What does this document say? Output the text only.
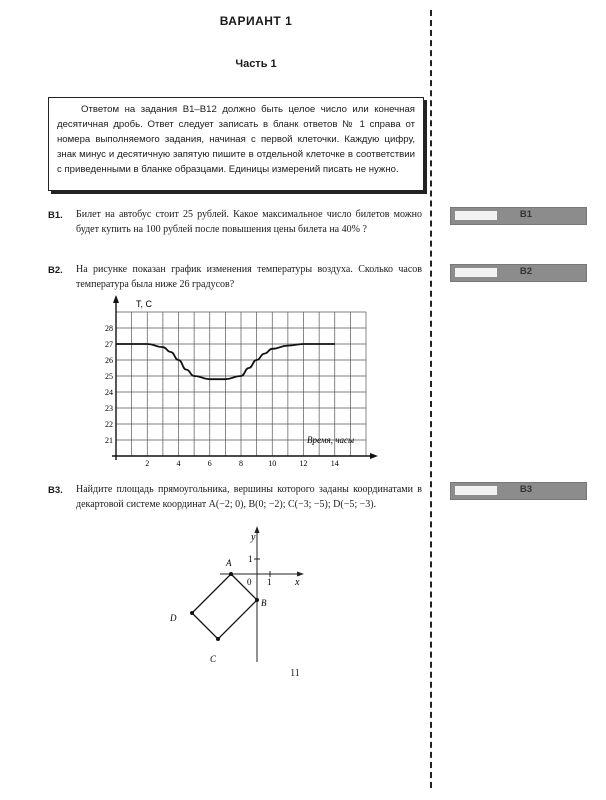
ВАРИАНТ 1
Часть 1

Ответом на задания B1–B12 должно быть целое число или конечная десятичная дробь. Ответ следует записать в бланк ответов № 1 справа от номера выполняемого задания, начиная с первой клеточки. Каждую цифру, знак минус и десятичную запятую пишите в отдельной клеточке в соответствии с приведенными в бланке образцами. Единицы измерений писать не нужно.

B1. Билет на автобус стоит 25 рублей. Какое максимальное число билетов можно будет купить на 100 рублей после повышения цены билета на 40% ?
B1
B2. На рисунке показан график изменения температуры воздуха. Сколько часов температура была ниже 26 градусов?
B2
2	4	6	8	10	12	14
21
22
23
24
25
26
27
28
T, C
Время, часы
B3. Найдите площадь прямоугольника, вершины которого заданы координатами в декартовой системе координат A(−2; 0), B(0; −2); C(−3; −5); D(−5; −3).
B3
y
x
0 1
1
A
B
C
D
11
